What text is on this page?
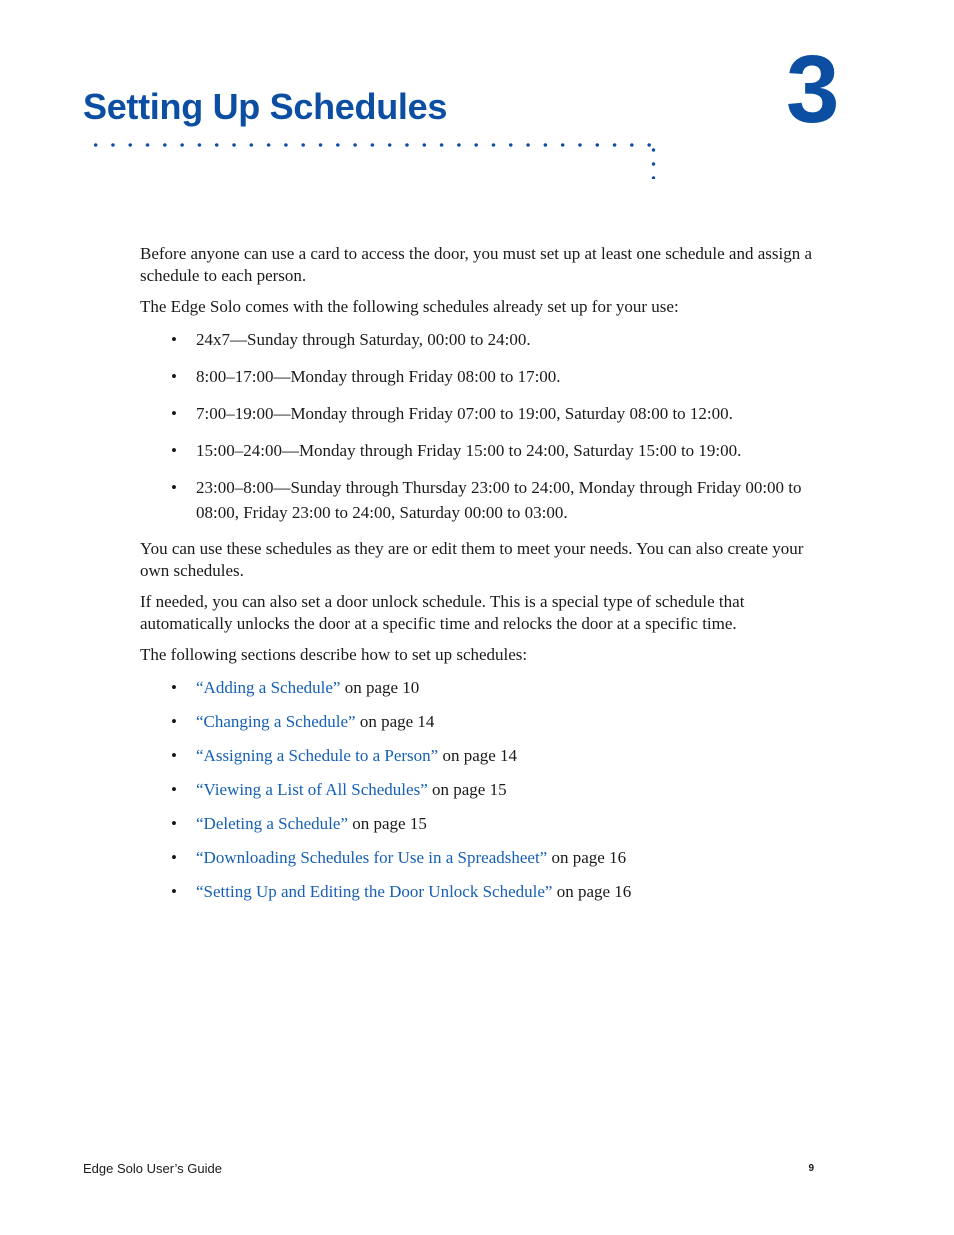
Setting Up Schedules	3

Before anyone can use a card to access the door, you must set up at least one schedule and assign a schedule to each person.

The Edge Solo comes with the following schedules already set up for your use:

• 24x7—Sunday through Saturday, 00:00 to 24:00.
• 8:00–17:00—Monday through Friday 08:00 to 17:00.
• 7:00–19:00—Monday through Friday 07:00 to 19:00, Saturday 08:00 to 12:00.
• 15:00–24:00—Monday through Friday 15:00 to 24:00, Saturday 15:00 to 19:00.
• 23:00–8:00—Sunday through Thursday 23:00 to 24:00, Monday through Friday 00:00 to 08:00, Friday 23:00 to 24:00, Saturday 00:00 to 03:00.

You can use these schedules as they are or edit them to meet your needs. You can also create your own schedules.

If needed, you can also set a door unlock schedule. This is a special type of schedule that automatically unlocks the door at a specific time and relocks the door at a specific time.

The following sections describe how to set up schedules:

• “Adding a Schedule” on page 10
• “Changing a Schedule” on page 14
• “Assigning a Schedule to a Person” on page 14
• “Viewing a List of All Schedules” on page 15
• “Deleting a Schedule” on page 15
• “Downloading Schedules for Use in a Spreadsheet” on page 16
• “Setting Up and Editing the Door Unlock Schedule” on page 16
Edge Solo User’s Guide	9
